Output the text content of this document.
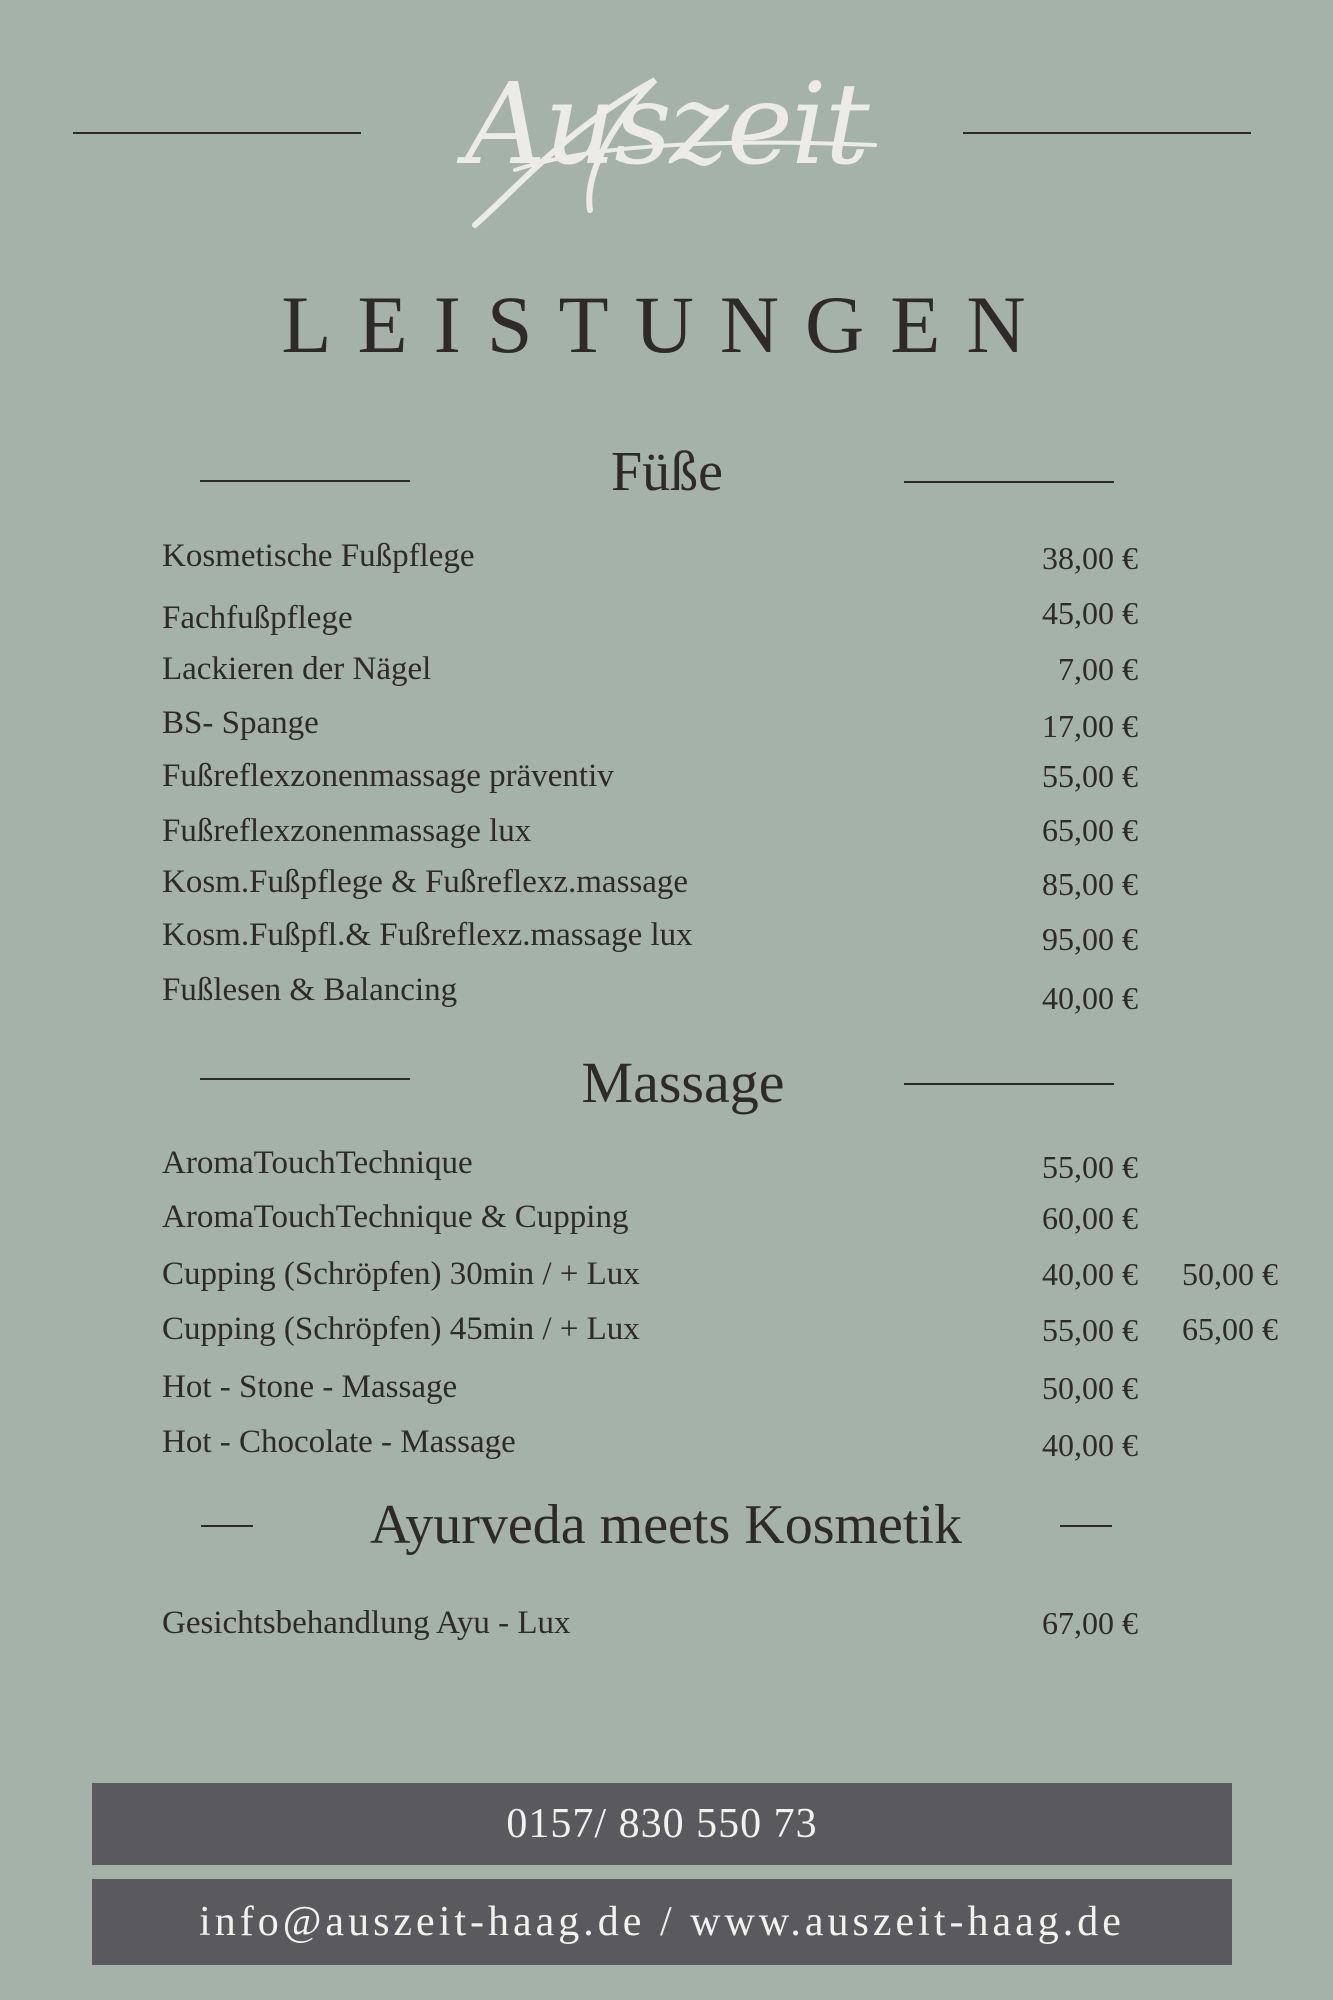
Auszeit
LEISTUNGEN
Füße
Kosmetische Fußpflege	38,00 €
Fachfußpflege	45,00 €
Lackieren der Nägel	7,00 €
BS- Spange	17,00 €
Fußreflexzonenmassage präventiv	55,00 €
Fußreflexzonenmassage lux	65,00 €
Kosm.Fußpflege & Fußreflexz.massage	85,00 €
Kosm.Fußpfl.& Fußreflexz.massage lux	95,00 €
Fußlesen & Balancing	40,00 €
Massage
AromaTouchTechnique	55,00 €
AromaTouchTechnique & Cupping	60,00 €
Cupping (Schröpfen) 30min / + Lux	40,00 €	50,00 €
Cupping (Schröpfen) 45min / + Lux	55,00 €	65,00 €
Hot - Stone - Massage	50,00 €
Hot - Chocolate - Massage	40,00 €
Ayurveda meets Kosmetik
Gesichtsbehandlung Ayu - Lux	67,00 €
0157/ 830 550 73
info@auszeit-haag.de / www.auszeit-haag.de
